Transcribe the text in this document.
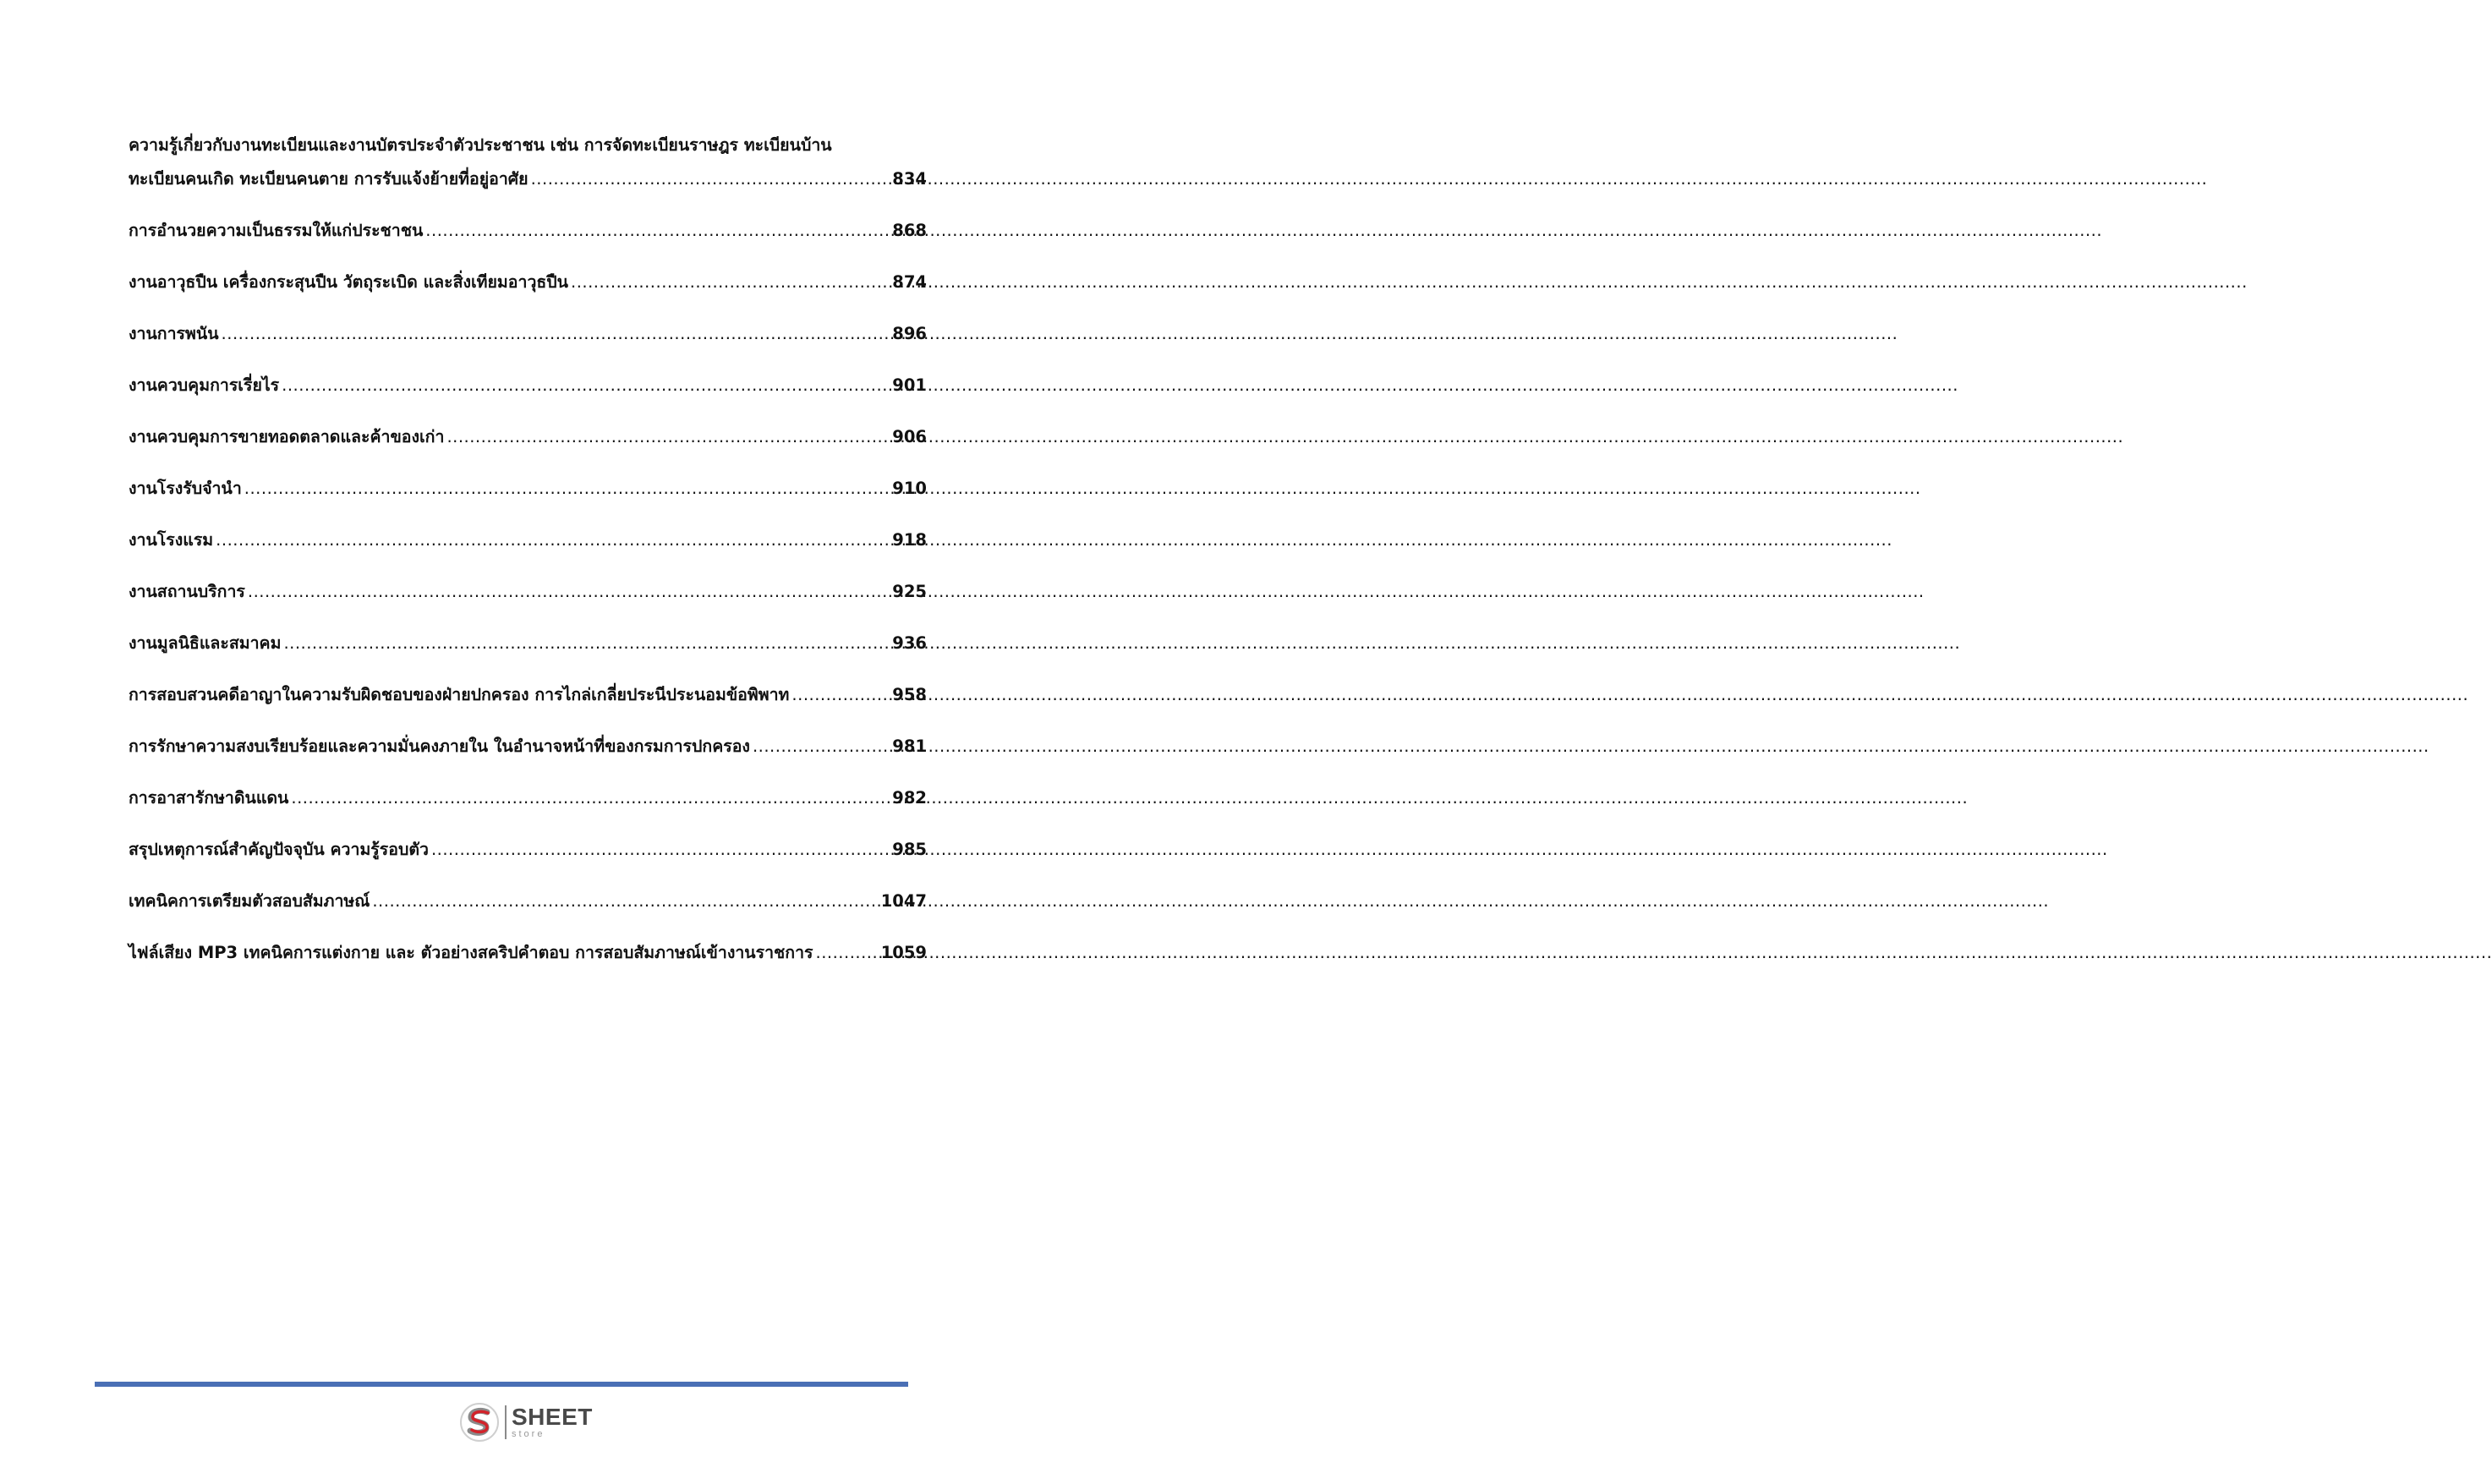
ความรู้เกี่ยวกับงานทะเบียนและงานบัตรประจำตัวประชาชน เช่น การจัดทะเบียนราษฎร ทะเบียนบ้าน
ทะเบียนคนเกิด ทะเบียนคนตาย การรับแจ้งย้ายที่อยู่อาศัย .....	834
การอำนวยความเป็นธรรมให้แก่ประชาชน .....	868
งานอาวุธปืน เครื่องกระสุนปืน วัตถุระเบิด และสิ่งเทียมอาวุธปืน .....	874
งานการพนัน .....	896
งานควบคุมการเรี่ยไร .....	901
งานควบคุมการขายทอดตลาดและค้าของเก่า .....	906
งานโรงรับจำนำ .....	910
งานโรงแรม .....	918
งานสถานบริการ .....	925
งานมูลนิธิและสมาคม .....	936
การสอบสวนคดีอาญาในความรับผิดชอบของฝ่ายปกครอง การไกล่เกลี่ยประนีประนอมข้อพิพาท .....	958
การรักษาความสงบเรียบร้อยและความมั่นคงภายใน ในอำนาจหน้าที่ของกรมการปกครอง .....	981
การอาสารักษาดินแดน .....	982
สรุปเหตุการณ์สำคัญปัจจุบัน ความรู้รอบตัว .....	985
เทคนิคการเตรียมตัวสอบสัมภาษณ์ .....	1047
ไฟล์เสียง MP3 เทคนิคการแต่งกาย และ ตัวอย่างสคริปคำตอบ การสอบสัมภาษณ์เข้างานราชการ .....	1059
SHEET
store
